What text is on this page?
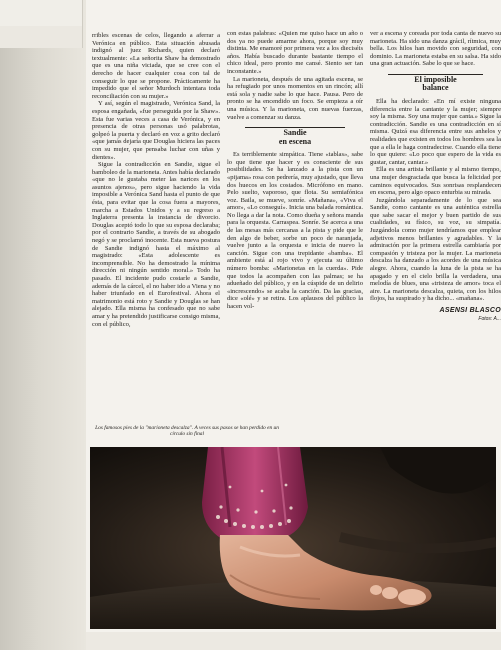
rribles escenas de celos, llegando a aferrar a Verónica en público. Esta situación abusada indignó al juez Richards, quien declaró textualmente: «La señorita Shaw ha demostrado que es una niña viciada, que se cree con el derecho de hacer cualquier cosa con tal de conseguir lo que se propone. Prácticamente ha impedido que el señor Murdoch intentara toda reconciliación con su mujer.»

Y así, según el magistrado, Verónica Sand, la esposa engañada, «fue perseguida por la Shaw». Esta fue varias veces a casa de Verónica, y en presencia de otras personas usó palabrotas, golpeó la puerta y declaró en voz a grito declaró «que jamás dejaría que Douglas hiciera las paces con su mujer, que pensaba luchar con uñas y dientes».

Sigue la contradicción en Sandie, sigue el bamboleo de la marioneta. Antes había declarado «que no le gustaba meter las narices en los asuntos ajenos», pero sigue haciendo la vida imposible a Verónica Sand hasta el punto de que ésta, para evitar que la cosa fuera a mayores, marcha a Estados Unidos y a su regreso a Inglaterra presenta la instancia de divorcio. Douglas aceptó todo lo que su esposa declaraba; por el contrario Sandie, a través de su abogado negó y se proclamó inocente. Esta nueva postura de Sandie indignó hasta el máximo al magistrado: «Esta adolescente es incomprensible. No ha demostrado la mínima dirección ni ningún sentido moral.» Todo ha pasado. El incidente pudo costarle a Sandie, además de la cárcel, el no haber ido a Viena y no haber triunfado en el Eurofestival. Ahora el matrimonio está roto y Sandie y Douglas se han alejado. Ella misma ha confesado que no sabe amar y ha pretendido justificarse consigo misma, con el público,

con estas palabras: «Quien me quiso hace un año o dos ya no puede amarme ahora, porque soy muy distinta. Me enamoré por primera vez a los dieciséis años. Había buscado durante bastante tiempo el chico ideal, pero pronto me cansé. Siento ser tan inconstante.»

La marioneta, después de una agitada escena, se ha refugiado por unos momentos en un rincón; allí está sola y nadie sabe lo que hace. Pausa. Pero de pronto se ha encendido un foco. Se empieza a oír una música. Y la marioneta, con nuevas fuerzas, vuelve a comenzar su danza.

Sandie
en escena

Es terriblemente simpática. Tiene «tablas», sabe lo que tiene que hacer y es consciente de sus posibilidades. Se ha lanzado a la pista con un «pijama» rosa con pedrería, muy ajustado, que lleva dos huecos en los costados. Micrófono en mano. Pelo suelto, vaporoso, que flota. Su semiafónica voz. Baila, se mueve, sonríe. «Mañana», «Viva el amor», «Lo conseguí». Inicia una balada romántica. No llega a dar la nota. Como dueña y señora manda para la orquesta. Carraspea. Sonríe. Se acerca a una de las mesas más cercanas a la pista y pide que le den algo de beber, sorbe un poco de naranjada, vuelve junto a la orquesta e inicia de nuevo la canción. Sigue con una trepidante «bamba». El ambiente está al rojo vivo y ejecuta su último número bomba: «Marionetas en la cuerda». Pide que todos la acompañen con las palmas; se ha adueñado del público, y en la cúspide de un delirio «increscendo» se acaba la canción. Da las gracias, dice «olé» y se retira. Los aplausos del público la hacen vol-

ver a escena y coreada por toda canta de nuevo su marioneta. Ha sido una danza grácil, rítmica, muy bella. Los hilos han movido con seguridad, con dominio. La marioneta estaba en su salsa. Ha sido una gran actuación. Sabe lo que se hace.

El imposible
balance

Ella ha declarado: «En mí existe ninguna diferencia entre la cantante y la mujer; siempre soy la misma. Soy una mujer que canta.» Sigue la contradicción. Sandie es una contradicción en sí misma. Quizá esa diferencia entre sus anhelos y realidades que existen en todos los hombres sea la que a ella le haga contradecirse. Cuando ella tiene lo que quiere: «Lo poco que espero de la vida es gustar, cantar, cantar.»

Ella es una artista brillante y al mismo tiempo, una mujer desgraciada que busca la felicidad por caminos equivocados. Sus sonrisas resplandecen en escena, pero algo opaco enturbia su mirada.

Juzgándola separadamente de lo que sea Sandie, como cantante es una auténtica estrella que sabe sacar el mejor y buen partido de sus cualidades, su físico, su voz, su simpatía. Juzgándola como mujer tendríamos que emplear adjetivos menos brillantes y agradables. Y la admiración por la primera estrella cambiaría por compasión y tristeza por la mujer. La marioneta descalza ha danzado a los acordes de una música alegre. Ahora, cuando la luna de la pista se ha apagado y en el cielo brilla la verdadera, una melodía de blues, una «tristeza de amor» toca el aire. La marioneta descalza, quieta, con los hilos flojos, ha suspirado y ha dicho... «mañana».

ASENSI BLASCO
Fotos: A...
Los famosos pies de la "marioneta descalza". A veces sus pasos se han perdido en un círculo sin final
